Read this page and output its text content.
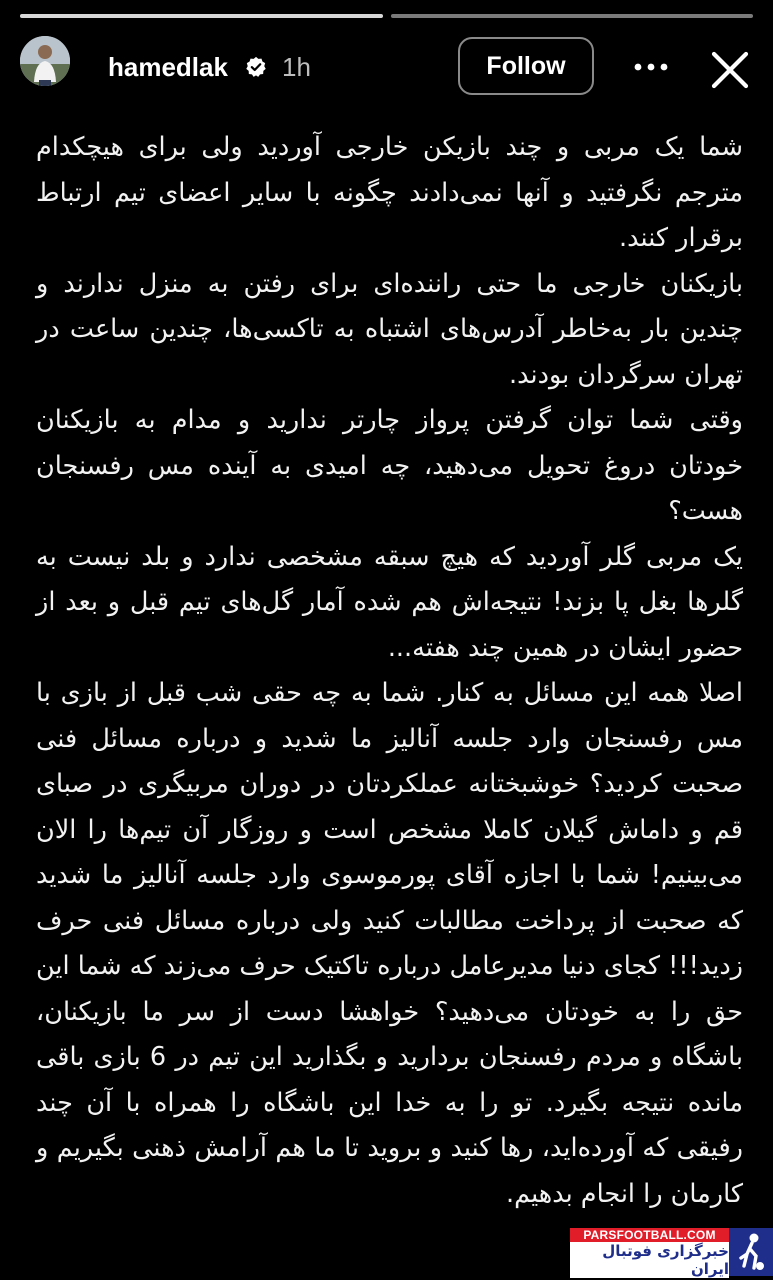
hamedlak 1h	Follow

شما یک مربی و چند بازیکن خارجی آوردید ولی برای هیچکدام مترجم نگرفتید و آنها نمی‌دادند چگونه با سایر اعضای تیم ارتباط برقرار کنند.

بازیکنان خارجی ما حتی راننده‌ای برای رفتن به منزل ندارند و چندین بار به‌خاطر آدرس‌های اشتباه به تاکسی‌ها، چندین ساعت در تهران سرگردان بودند.

وقتی شما توان گرفتن پرواز چارتر ندارید و مدام به بازیکنان خودتان دروغ تحویل می‌دهید، چه امیدی به آینده مس رفسنجان هست؟

یک مربی گلر آوردید که هیچ سبقه مشخصی ندارد و بلد نیست به گلرها بغل پا بزند! نتیجه‌اش هم شده آمار گل‌های تیم قبل و بعد از حضور ایشان در همین چند هفته...

اصلا همه این مسائل به کنار. شما به چه حقی شب قبل از بازی با مس رفسنجان وارد جلسه آنالیز ما شدید و درباره مسائل فنی صحبت کردید؟ خوشبختانه عملکردتان در دوران مربیگری در صبای قم و داماش گیلان کاملا مشخص است و روزگار آن تیم‌ها را الان می‌بینیم! شما با اجازه آقای پورموسوی وارد جلسه آنالیز ما شدید که صحبت از پرداخت مطالبات کنید ولی درباره مسائل فنی حرف زدید!!! کجای دنیا مدیرعامل درباره تاکتیک حرف می‌زند که شما این حق را به خودتان می‌دهید؟ خواهشا دست از سر ما بازیکنان، باشگاه و مردم رفسنجان بردارید و بگذارید این تیم در 6 بازی باقی مانده نتیجه بگیرد. تو را به خدا این باشگاه را همراه با آن چند رفیقی که آورده‌اید، رها کنید و بروید تا ما هم آرامش ذهنی بگیریم و کارمان را انجام بدهیم.

PARSFOOTBALL.COM
خبرگزاری فوتبال ایران
